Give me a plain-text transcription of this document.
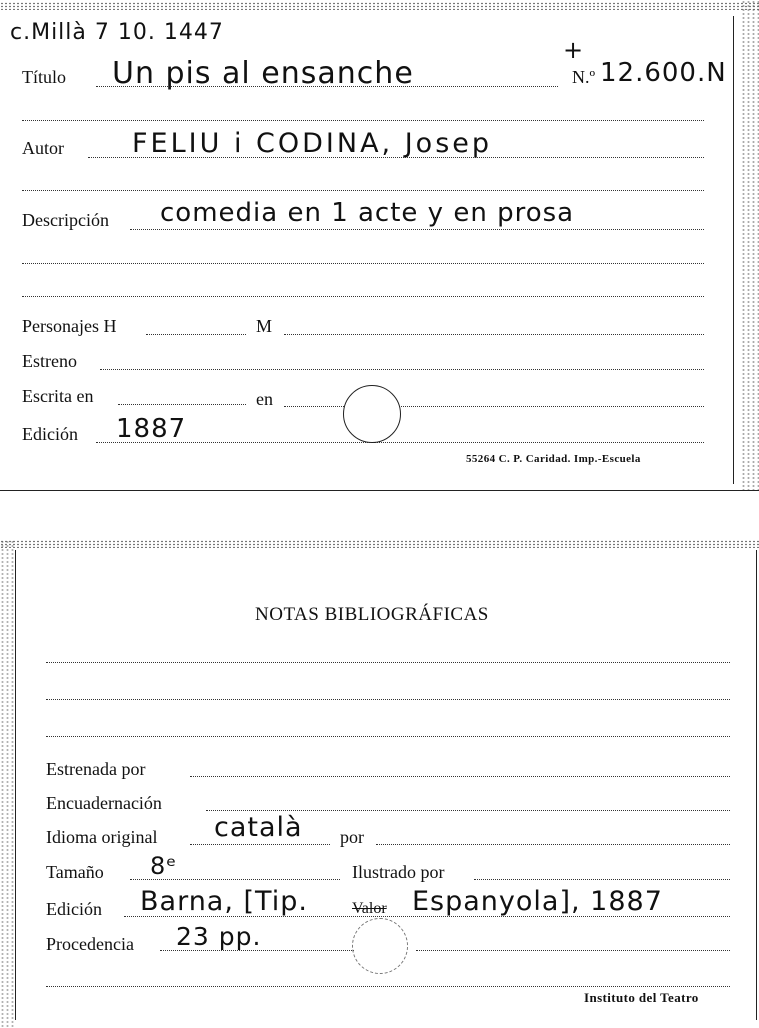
c.Millà 7 10. 1447
+
Título Un pis al ensanche	N.º 12.600.N
Autor	FELIU i CODINA, Josep
Descripción comedia en 1 acte y en prosa
Personajes H	M
Estreno
Escrita en	en
Edición 1887
55264 C. P. Caridad. Imp.-Escuela
NOTAS BIBLIOGRÁFICAS
Estrenada por
Encuadernación
Idioma original català por
Tamaño 8ᵉ	Ilustrado por
Edición Barna, [Tip.	Valor Espanyola], 1887
Procedencia 23 pp.
Instituto del Teatro
